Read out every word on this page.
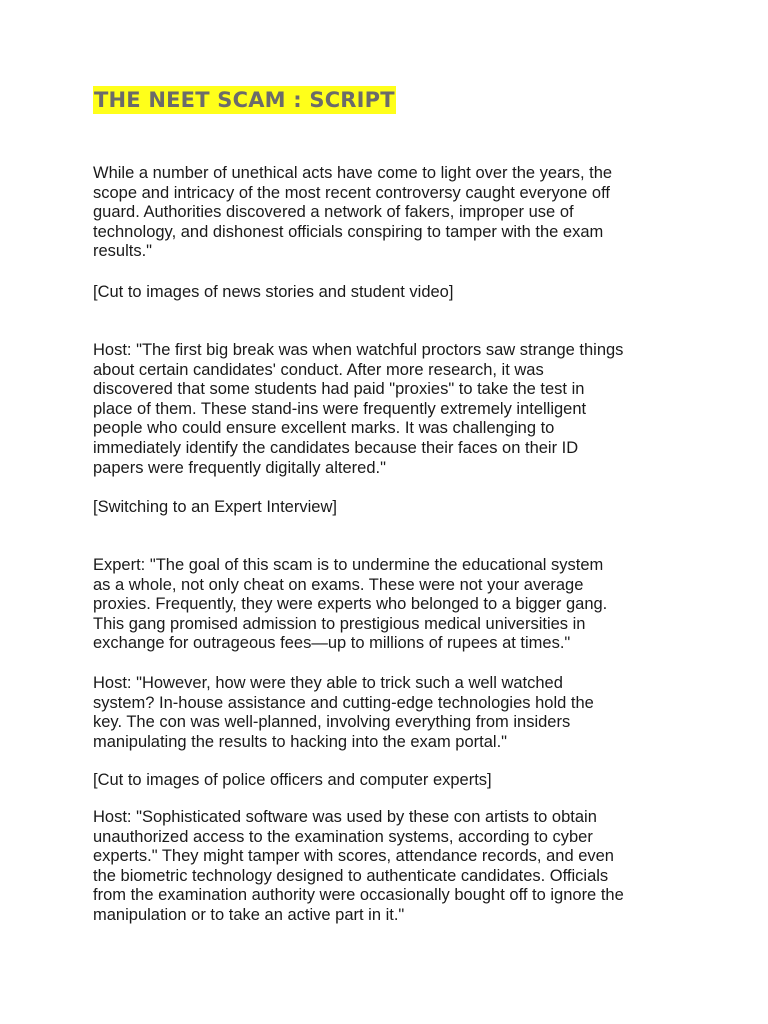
THE NEET SCAM : SCRIPT

While a number of unethical acts have come to light over the years, the
scope and intricacy of the most recent controversy caught everyone off
guard. Authorities discovered a network of fakers, improper use of
technology, and dishonest officials conspiring to tamper with the exam
results."

[Cut to images of news stories and student video]

Host: "The first big break was when watchful proctors saw strange things
about certain candidates' conduct. After more research, it was
discovered that some students had paid "proxies" to take the test in
place of them. These stand-ins were frequently extremely intelligent
people who could ensure excellent marks. It was challenging to
immediately identify the candidates because their faces on their ID
papers were frequently digitally altered."

[Switching to an Expert Interview]

Expert: "The goal of this scam is to undermine the educational system
as a whole, not only cheat on exams. These were not your average
proxies. Frequently, they were experts who belonged to a bigger gang.
This gang promised admission to prestigious medical universities in
exchange for outrageous fees—up to millions of rupees at times."

Host: "However, how were they able to trick such a well watched
system? In-house assistance and cutting-edge technologies hold the
key. The con was well-planned, involving everything from insiders
manipulating the results to hacking into the exam portal."

[Cut to images of police officers and computer experts]

Host: "Sophisticated software was used by these con artists to obtain
unauthorized access to the examination systems, according to cyber
experts." They might tamper with scores, attendance records, and even
the biometric technology designed to authenticate candidates. Officials
from the examination authority were occasionally bought off to ignore the
manipulation or to take an active part in it."
